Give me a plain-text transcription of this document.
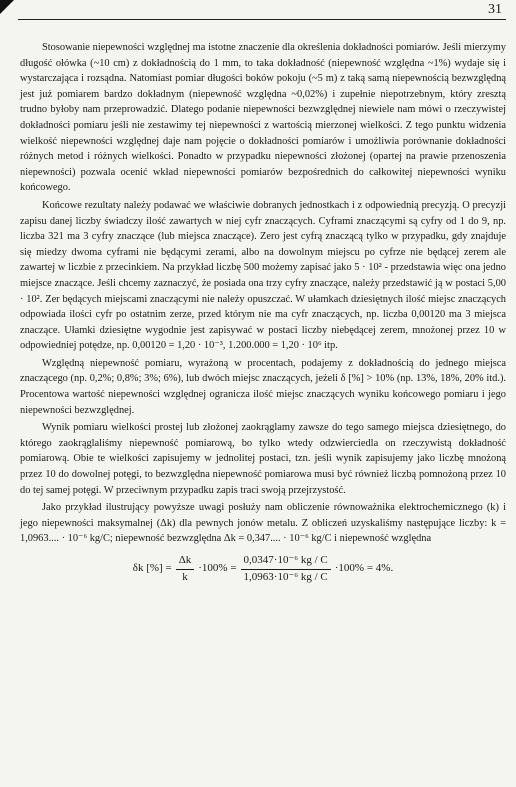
31

Stosowanie niepewności względnej ma istotne znaczenie dla określenia dokładności pomiarów. Jeśli mierzymy długość ołówka (~10 cm) z dokładnością do 1 mm, to taka dokładność (niepewność względna ~1%) wydaje się i wystarczająca i rozsądna. Natomiast pomiar długości boków pokoju (~5 m) z taką samą niepewnością bezwzględną jest już pomiarem bardzo dokładnym (niepewność względna ~0,02%) i zupełnie niepotrzebnym, który zresztą trudno byłoby nam przeprowadzić. Dlatego podanie niepewności bezwzględnej niewiele nam mówi o rzeczywistej dokładności pomiaru jeśli nie zestawimy tej niepewności z wartością mierzonej wielkości. Z tego punktu widzenia wielkość niepewności względnej daje nam pojęcie o dokładności pomiarów i umożliwia porównanie dokładności różnych metod i różnych wielkości. Ponadto w przypadku niepewności złożonej (opartej na prawie przenoszenia niepewności) pozwala ocenić wkład niepewności pomiarów bezpośrednich do całkowitej niepewności wyniku końcowego.

Końcowe rezultaty należy podawać we właściwie dobranych jednostkach i z odpowiednią precyzją. O precyzji zapisu danej liczby świadczy ilość zawartych w niej cyfr znaczących. Cyframi znaczącymi są cyfry od 1 do 9, np. liczba 321 ma 3 cyfry znaczące (lub miejsca znaczące). Zero jest cyfrą znaczącą tylko w przypadku, gdy znajduje się miedzy dwoma cyframi nie będącymi zerami, albo na dowolnym miejscu po cyfrze nie będącej zerem ale zawartej w liczbie z przecinkiem. Na przykład liczbę 500 możemy zapisać jako 5 · 10² - przedstawia więc ona jedno miejsce znaczące. Jeśli chcemy zaznaczyć, że posiada ona trzy cyfry znaczące, należy przedstawić ją w postaci 5,00 · 10². Zer będących miejscami znaczącymi nie należy opuszczać. W ułamkach dziesiętnych ilość miejsc znaczących odpowiada ilości cyfr po ostatnim zerze, przed którym nie ma cyfr znaczących, np. liczba 0,00120 ma 3 miejsca znaczące. Ułamki dziesiętne wygodnie jest zapisywać w postaci liczby niebędącej zerem, mnożonej przez 10 w odpowiedniej potędze, np. 0,00120 = 1,20 · 10⁻³, 1.200.000 = 1,20 · 10⁶ itp.

Względną niepewność pomiaru, wyrażoną w procentach, podajemy z dokładnością do jednego miejsca znaczącego (np. 0,2%; 0,8%; 3%; 6%), lub dwóch miejsc znaczących, jeżeli δ [%] > 10% (np. 13%, 18%, 20% itd.). Procentowa wartość niepewności względnej ogranicza ilość miejsc znaczących wyniku końcowego pomiaru i jego niepewności bezwzględnej.

Wynik pomiaru wielkości prostej lub złożonej zaokrąglamy zawsze do tego samego miejsca dziesiętnego, do którego zaokrąglaliśmy niepewność pomiarową, bo tylko wtedy odzwierciedla on rzeczywistą dokładność pomiarową. Obie te wielkości zapisujemy w jednolitej postaci, tzn. jeśli wynik zapisujemy jako liczbę mnożoną przez 10 do dowolnej potęgi, to bezwzględna niepewność pomiarowa musi być również liczbą pomnożoną przez 10 do tej samej potęgi. W przeciwnym przypadku zapis traci swoją przejrzystość.

Jako przykład ilustrujący powyższe uwagi posłuży nam obliczenie równoważnika elektrochemicznego (k) i jego niepewności maksymalnej (Δk) dla pewnych jonów metalu. Z obliczeń uzyskaliśmy następujące liczby: k = 1,0963.... · 10⁻⁶ kg/C; niepewność bezwzględna Δk = 0,347.... · 10⁻⁶ kg/C i niepewność względna

δk [%] = $\frac{\Delta k}{k} \cdot 100\% = \frac{\text{0,0347·10⁻⁶ kg / C}}{\text{1,0963·10⁻⁶ kg / C}} \cdot 100\% = 4\%$.
